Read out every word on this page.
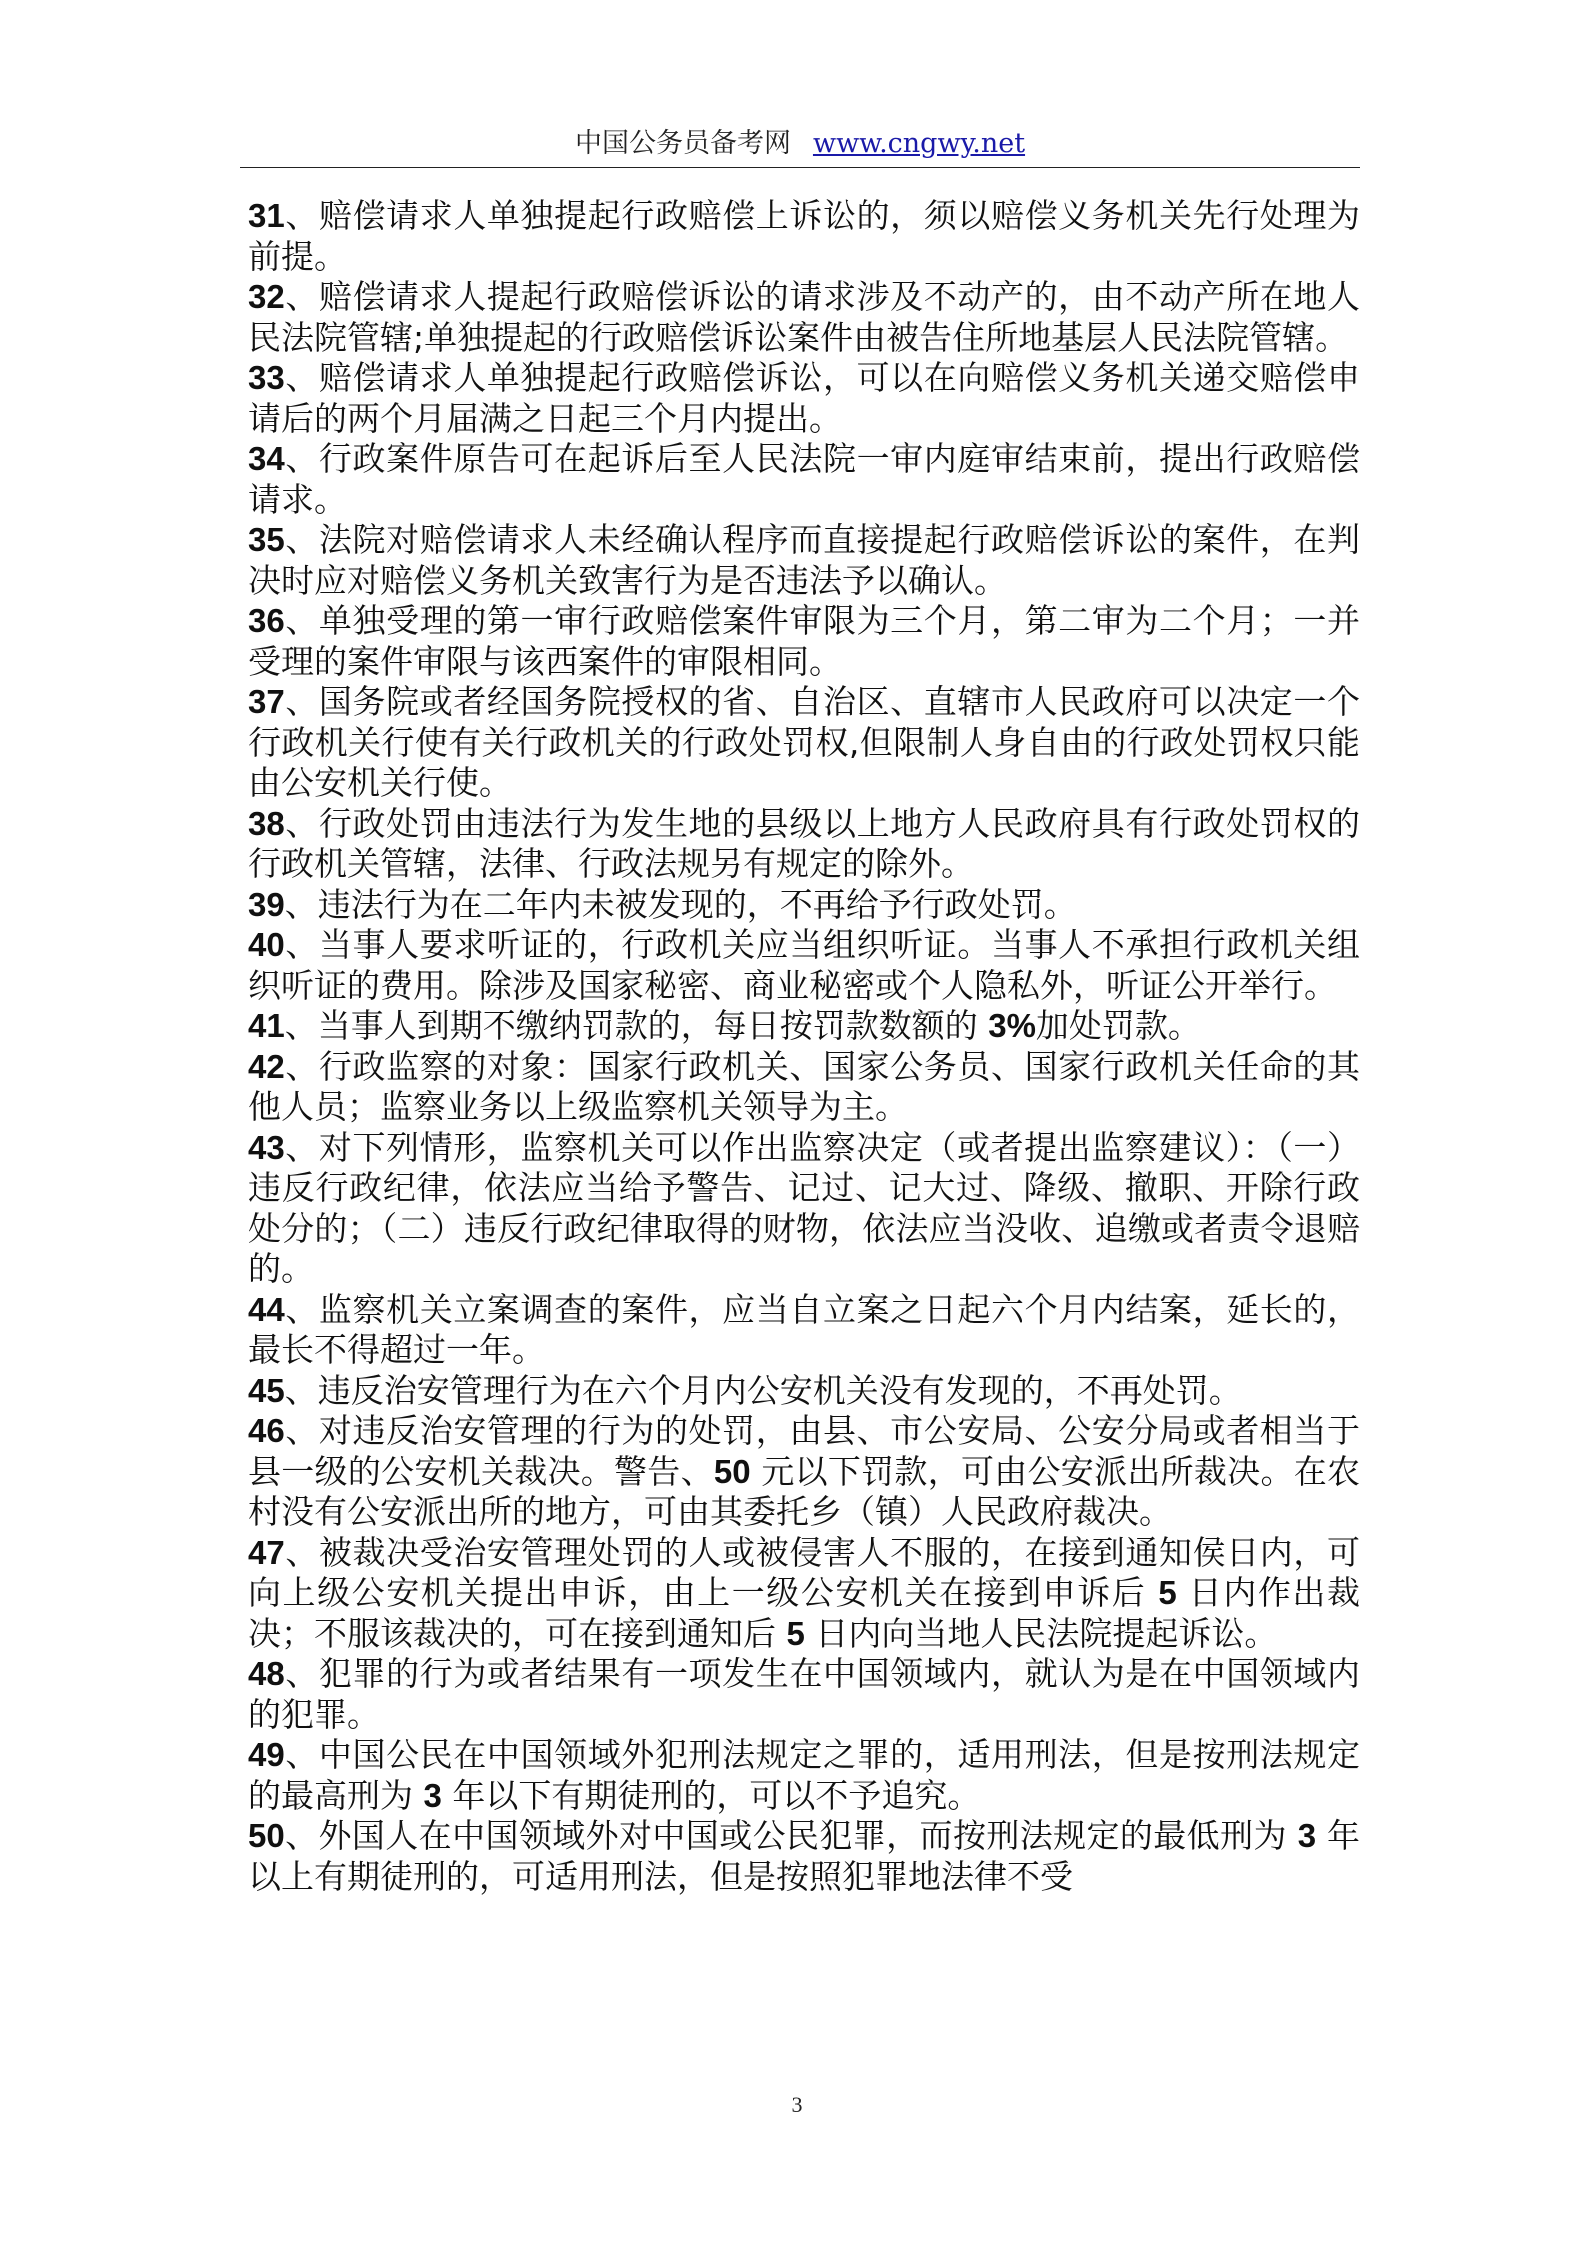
中国公务员备考网 www.cngwy.net

31、赔偿请求人单独提起行政赔偿上诉讼的，须以赔偿义务机关先行处理为前提。

32、赔偿请求人提起行政赔偿诉讼的请求涉及不动产的，由不动产所在地人民法院管辖;单独提起的行政赔偿诉讼案件由被告住所地基层人民法院管辖。

33、赔偿请求人单独提起行政赔偿诉讼，可以在向赔偿义务机关递交赔偿申请后的两个月届满之日起三个月内提出。

34、行政案件原告可在起诉后至人民法院一审内庭审结束前，提出行政赔偿请求。

35、法院对赔偿请求人未经确认程序而直接提起行政赔偿诉讼的案件，在判决时应对赔偿义务机关致害行为是否违法予以确认。

36、单独受理的第一审行政赔偿案件审限为三个月，第二审为二个月；一并受理的案件审限与该西案件的审限相同。

37、国务院或者经国务院授权的省、自治区、直辖市人民政府可以决定一个行政机关行使有关行政机关的行政处罚权,但限制人身自由的行政处罚权只能由公安机关行使。

38、行政处罚由违法行为发生地的县级以上地方人民政府具有行政处罚权的行政机关管辖，法律、行政法规另有规定的除外。

39、违法行为在二年内未被发现的，不再给予行政处罚。

40、当事人要求听证的，行政机关应当组织听证。当事人不承担行政机关组织听证的费用。除涉及国家秘密、商业秘密或个人隐私外，听证公开举行。

41、当事人到期不缴纳罚款的，每日按罚款数额的 3%加处罚款。

42、行政监察的对象：国家行政机关、国家公务员、国家行政机关任命的其他人员；监察业务以上级监察机关领导为主。

43、对下列情形，监察机关可以作出监察决定（或者提出监察建议）：（一）违反行政纪律，依法应当给予警告、记过、记大过、降级、撤职、开除行政处分的；（二）违反行政纪律取得的财物，依法应当没收、追缴或者责令退赔的。

44、监察机关立案调查的案件，应当自立案之日起六个月内结案，延长的，最长不得超过一年。

45、违反治安管理行为在六个月内公安机关没有发现的，不再处罚。

46、对违反治安管理的行为的处罚，由县、市公安局、公安分局或者相当于县一级的公安机关裁决。警告、50 元以下罚款，可由公安派出所裁决。在农村没有公安派出所的地方，可由其委托乡（镇）人民政府裁决。

47、被裁决受治安管理处罚的人或被侵害人不服的，在接到通知侯日内，可向上级公安机关提出申诉，由上一级公安机关在接到申诉后 5 日内作出裁决；不服该裁决的，可在接到通知后 5 日内向当地人民法院提起诉讼。

48、犯罪的行为或者结果有一项发生在中国领域内，就认为是在中国领域内的犯罪。

49、中国公民在中国领域外犯刑法规定之罪的，适用刑法，但是按刑法规定的最高刑为 3 年以下有期徒刑的，可以不予追究。

50、外国人在中国领域外对中国或公民犯罪，而按刑法规定的最低刑为 3 年以上有期徒刑的，可适用刑法，但是按照犯罪地法律不受

3
